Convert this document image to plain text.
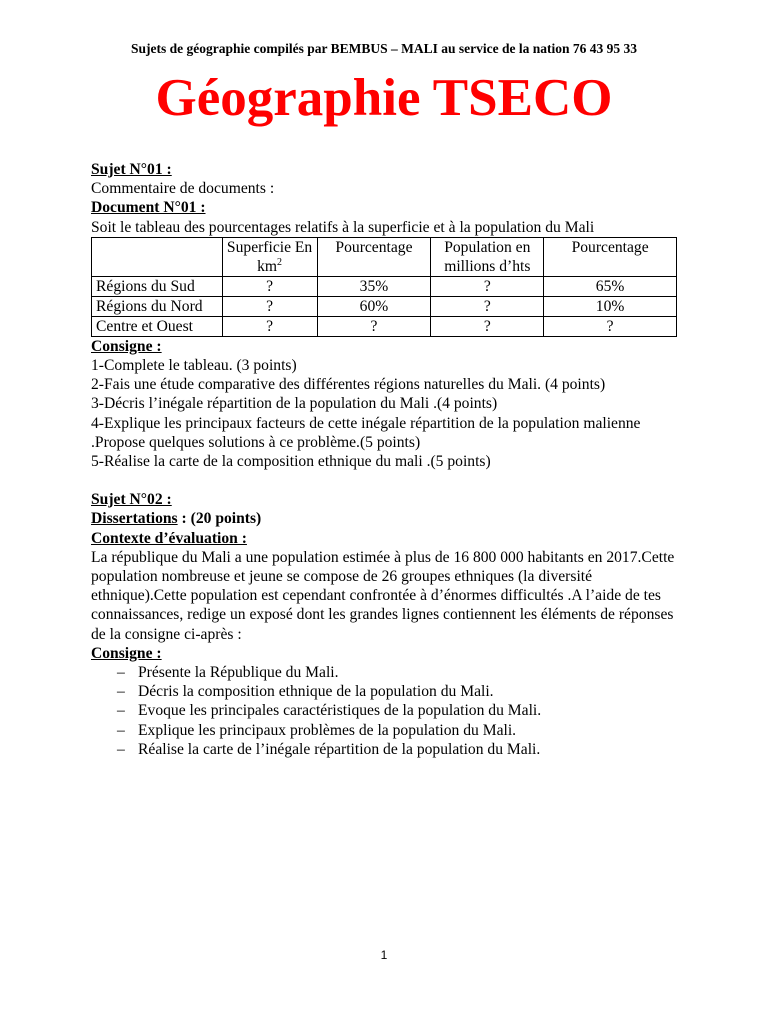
Sujets de géographie compilés par BEMBUS – MALI au service de la nation 76 43 95 33
Géographie TSECO

Sujet N°01 :

Commentaire de documents :

Document N°01 :

Soit le tableau des pourcentages relatifs à la superficie et à la population du Mali

	Superficie En $km^2$	Pourcentage	Population en millions d’hts	Pourcentage
Régions du Sud	?	35%	?	65%
Régions du Nord	?	60%	?	10%
Centre et Ouest	?	?	?	?

Consigne :

1-Complete le tableau. (3 points)

2-Fais une étude comparative des différentes régions naturelles du Mali. (4 points)

3-Décris l’inégale répartition de la population du Mali .(4 points)

4-Explique les principaux facteurs de cette inégale répartition de la population malienne .Propose quelques solutions à ce problème.(5 points)

5-Réalise la carte de la composition ethnique du mali .(5 points)

Sujet N°02 :

Dissertations : (20 points)

Contexte d’évaluation :

La république du Mali a une population estimée à plus de 16 800 000 habitants en 2017.Cette population nombreuse et jeune se compose de 26 groupes ethniques (la diversité ethnique).Cette population est cependant confrontée à d’énormes difficultés .A l’aide de tes connaissances, redige un exposé dont les grandes lignes contiennent les éléments de réponses de la consigne ci-après :

Consigne :

– Présente la République du Mali.
– Décris la composition ethnique de la population du Mali.
– Evoque les principales caractéristiques de la population du Mali.
– Explique les principaux problèmes de la population du Mali.
– Réalise la carte de l’inégale répartition de la population du Mali.
1
